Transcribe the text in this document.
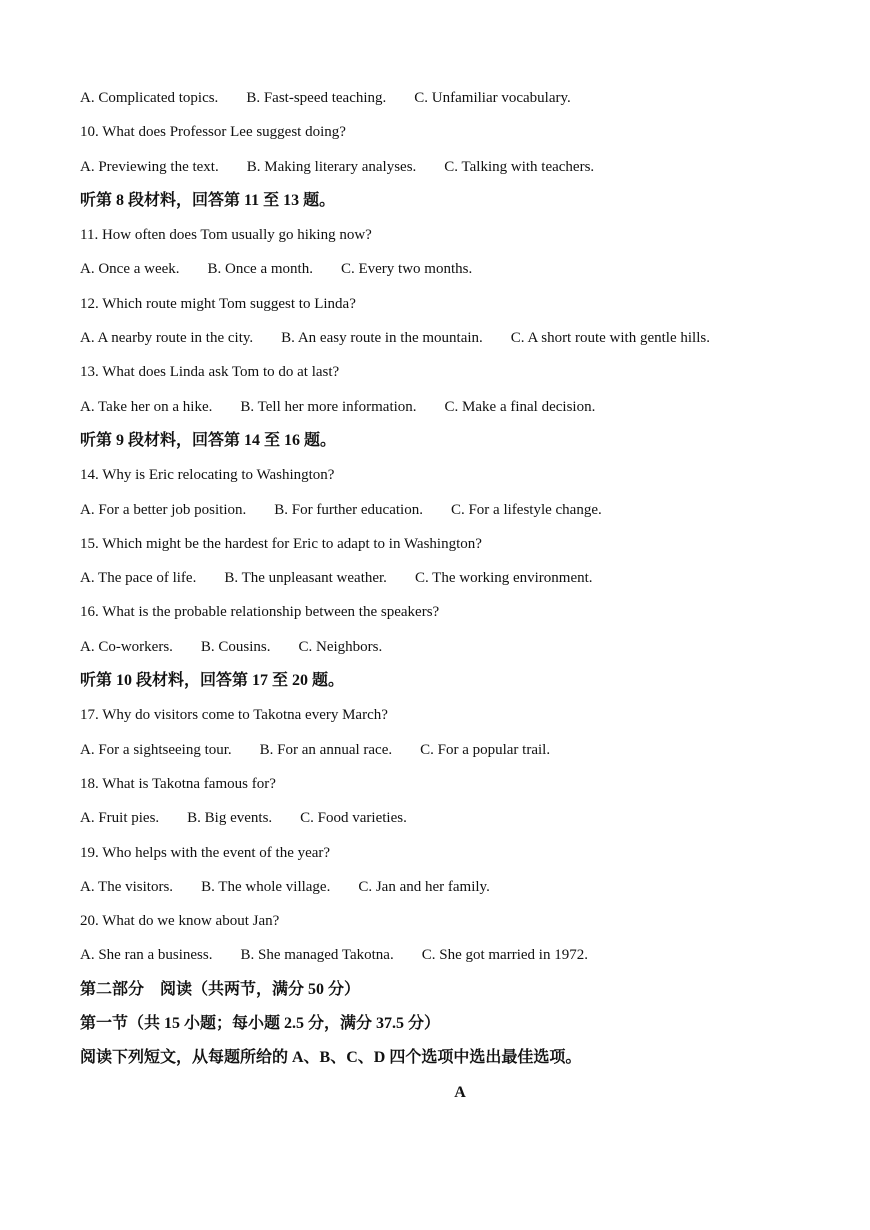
A. Complicated topics. B. Fast-speed teaching. C. Unfamiliar vocabulary.
10. What does Professor Lee suggest doing?
A. Previewing the text. B. Making literary analyses. C. Talking with teachers.
听第 8 段材料，回答第 11 至 13 题。
11. How often does Tom usually go hiking now?
A. Once a week. B. Once a month. C. Every two months.
12. Which route might Tom suggest to Linda?
A. A nearby route in the city. B. An easy route in the mountain. C. A short route with gentle hills.
13. What does Linda ask Tom to do at last?
A. Take her on a hike. B. Tell her more information. C. Make a final decision.
听第 9 段材料，回答第 14 至 16 题。
14. Why is Eric relocating to Washington?
A. For a better job position. B. For further education. C. For a lifestyle change.
15. Which might be the hardest for Eric to adapt to in Washington?
A. The pace of life. B. The unpleasant weather. C. The working environment.
16. What is the probable relationship between the speakers?
A. Co-workers. B. Cousins. C. Neighbors.
听第 10 段材料，回答第 17 至 20 题。
17. Why do visitors come to Takotna every March?
A. For a sightseeing tour. B. For an annual race. C. For a popular trail.
18. What is Takotna famous for?
A. Fruit pies. B. Big events. C. Food varieties.
19. Who helps with the event of the year?
A. The visitors. B. The whole village. C. Jan and her family.
20. What do we know about Jan?
A. She ran a business. B. She managed Takotna. C. She got married in 1972.
第二部分　阅读（共两节，满分 50 分）
第一节（共 15 小题；每小题 2.5 分，满分 37.5 分）
阅读下列短文，从每题所给的 A、B、C、D 四个选项中选出最佳选项。
A
